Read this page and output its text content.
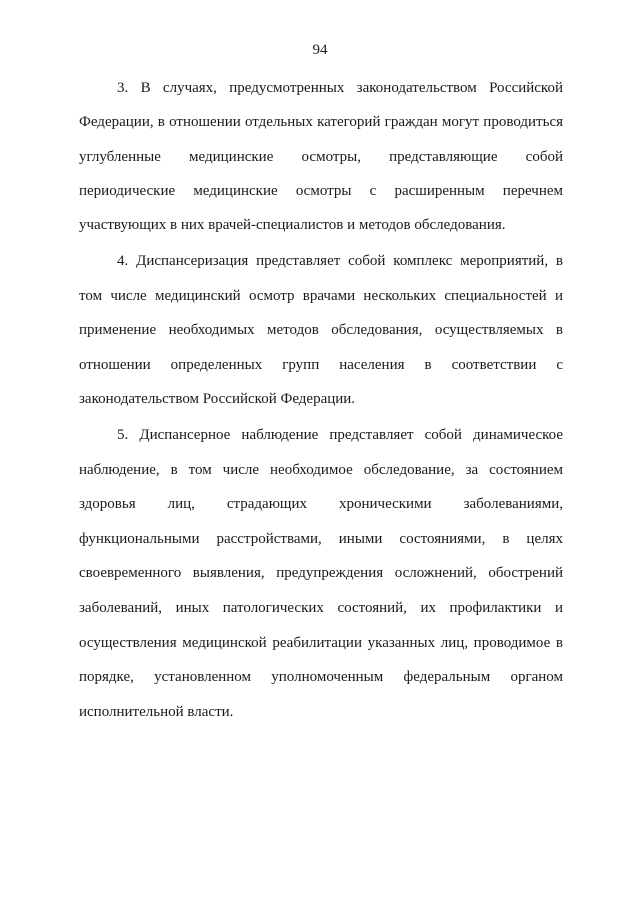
94
3. В случаях, предусмотренных законодательством Российской
Федерации, в отношении отдельных категорий граждан могут проводиться
углубленные медицинские осмотры, представляющие собой
периодические медицинские осмотры с расширенным перечнем
участвующих в них врачей-специалистов и методов обследования.
4. Диспансеризация представляет собой комплекс мероприятий, в
том числе медицинский осмотр врачами нескольких специальностей и
применение необходимых методов обследования, осуществляемых в
отношении определенных групп населения в соответствии с
законодательством Российской Федерации.
5. Диспансерное наблюдение представляет собой динамическое
наблюдение, в том числе необходимое обследование, за состоянием
здоровья лиц, страдающих хроническими заболеваниями,
функциональными расстройствами, иными состояниями, в целях
своевременного выявления, предупреждения осложнений, обострений
заболеваний, иных патологических состояний, их профилактики и
осуществления медицинской реабилитации указанных лиц, проводимое в
порядке, установленном уполномоченным федеральным органом
исполнительной власти.
